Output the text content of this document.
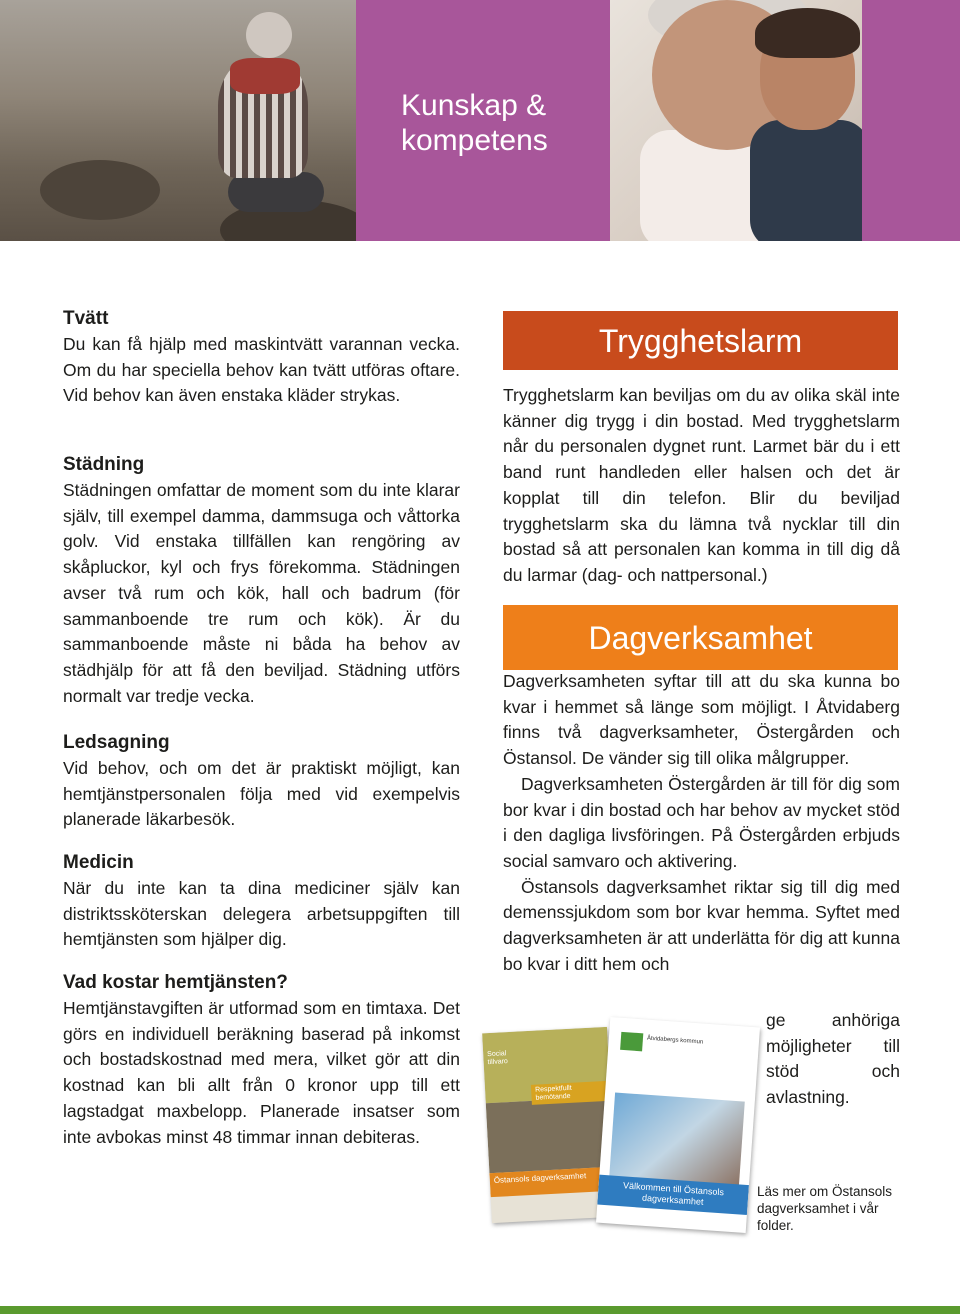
Kunskap &
kompetens
Tvätt

Du kan få hjälp med maskintvätt varannan vecka. Om du har speciella behov kan tvätt utföras oftare. Vid behov kan även enstaka kläder strykas.

Städning

Städningen omfattar de moment som du inte klarar själv, till exempel damma, dammsuga och våttorka golv. Vid enstaka tillfällen kan rengöring av skåpluckor, kyl och frys förekomma. Städningen avser två rum och kök, hall och badrum (för sammanboende tre rum och kök). Är du sammanboende måste ni båda ha behov av städhjälp för att få den beviljad. Städning utförs normalt var tredje vecka.

Ledsagning

Vid behov, och om det är praktiskt möjligt, kan hemtjänstpersonalen följa med vid exempelvis planerade läkarbesök.

Medicin

När du inte kan ta dina mediciner själv kan distriktssköterskan delegera arbetsuppgiften till hemtjänsten som hjälper dig.

Vad kostar hemtjänsten?

Hemtjänstavgiften är utformad som en timtaxa. Det görs en individuell beräkning baserad på inkomst och bostadskostnad med mera, vilket gör att din kostnad kan bli allt från 0 kronor upp till ett lagstadgat maxbelopp. Planerade insatser som inte avbokas minst 48 timmar innan debiteras.

Trygghetslarm
Trygghetslarm kan beviljas om du av olika skäl inte känner dig trygg i din bostad. Med trygghetslarm når du personalen dygnet runt. Larmet bär du i ett band runt handleden eller halsen och det är kopplat till din telefon. Blir du beviljad trygghetslarm ska du lämna två nycklar till din bostad så att personalen kan komma in till dig då du larmar (dag- och nattpersonal.)
Dagverksamhet

Dagverksamheten syftar till att du ska kunna bo kvar i hemmet så länge som möjligt. I Åtvidaberg finns två dagverksamheter, Östergården och Östansol. De vänder sig till olika målgrupper.

Dagverksamheten Östergården är till för dig som bor kvar i din bostad och har behov av mycket stöd i den dagliga livsföringen. På Östergården erbjuds social samvaro och aktivering.

Östansols dagverksamhet riktar sig till dig med demenssjukdom som bor kvar hemma. Syftet med dagverksamheten är att underlätta för dig att kunna bo kvar i ditt hem och

ge anhöriga möjligheter till stöd och avlastning.
Social
tillvaro
Respektfullt bemötande
Östansols dagverksamhet
Åtvidabergs kommun
Välkommen till Östansols dagverksamhet
Läs mer om Östansols dagverksamhet i vår folder.
